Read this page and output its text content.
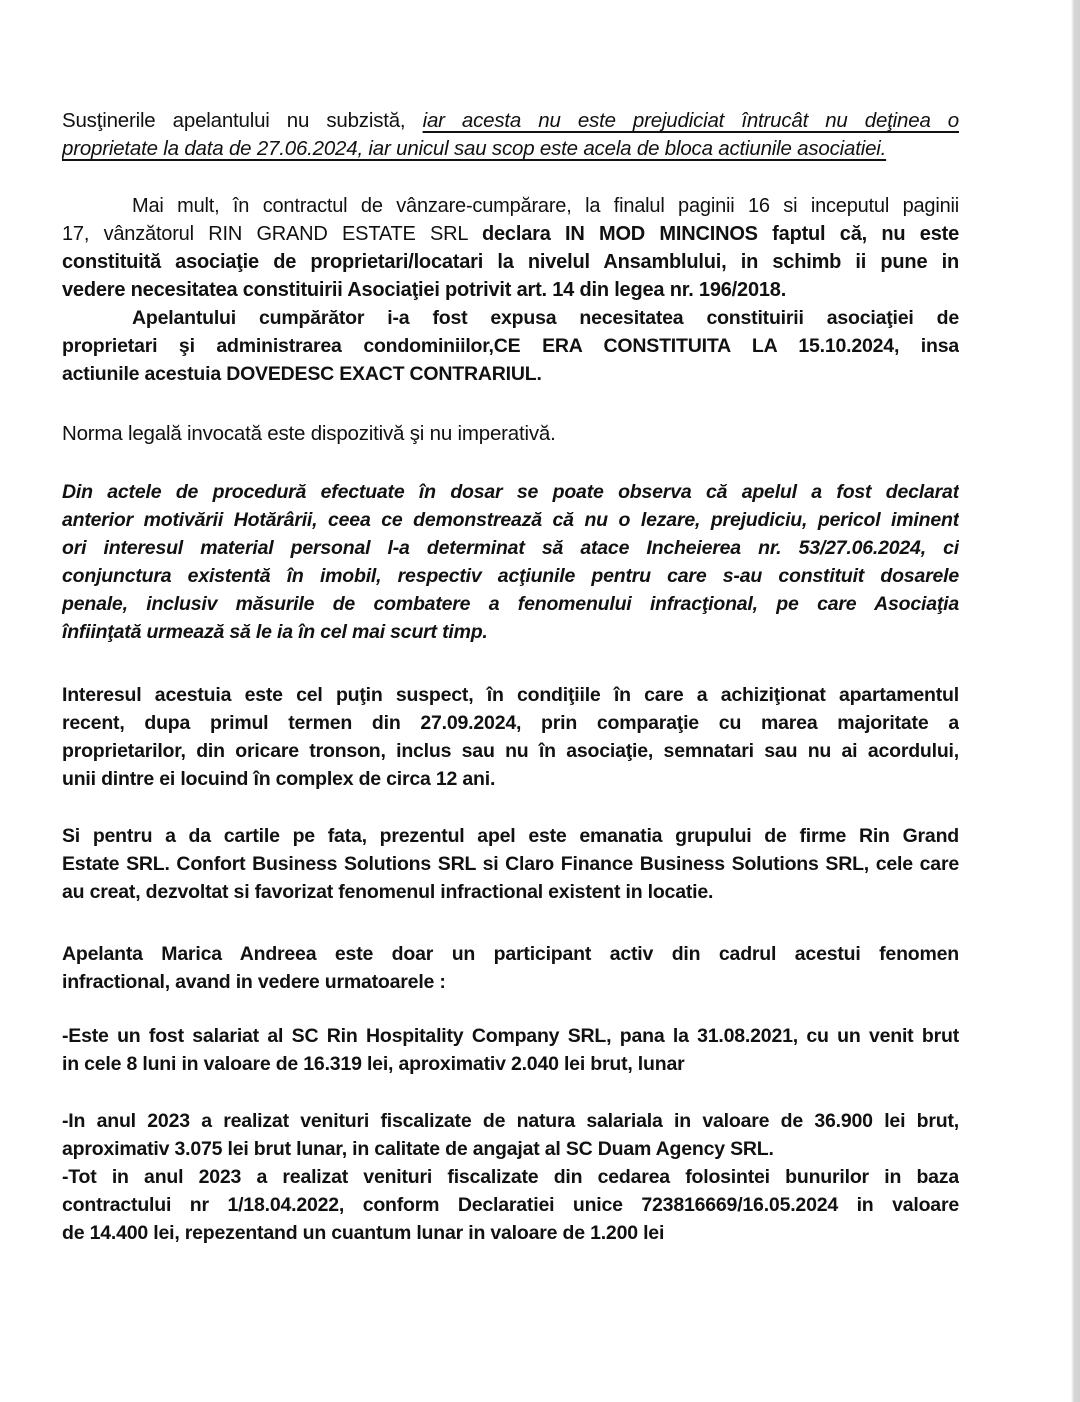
Susţinerile apelantului nu subzistă, iar acesta nu este prejudiciat întrucât nu deţinea o
proprietate la data de 27.06.2024, iar unicul sau scop este acela de bloca actiunile asociatiei.
Mai mult, în contractul de vânzare-cumpărare, la finalul paginii 16 si inceputul paginii
17, vânzătorul RIN GRAND ESTATE SRL declara IN MOD MINCINOS faptul că, nu este
constituită asociaţie de proprietari/locatari la nivelul Ansamblului, in schimb ii pune in
vedere necesitatea constituirii Asociaţiei potrivit art. 14 din legea nr. 196/2018.
Apelantului cumpărător i-a fost expusa necesitatea constituirii asociaţiei de
proprietari şi administrarea condominiilor,CE ERA CONSTITUITA LA 15.10.2024, insa
actiunile acestuia DOVEDESC EXACT CONTRARIUL.
Norma legală invocată este dispozitivă şi nu imperativă.
Din actele de procedură efectuate în dosar se poate observa că apelul a fost declarat
anterior motivării Hotărârii, ceea ce demonstrează că nu o lezare, prejudiciu, pericol iminent
ori interesul material personal l-a determinat să atace Incheierea nr. 53/27.06.2024, ci
conjunctura existentă în imobil, respectiv acţiunile pentru care s-au constituit dosarele
penale, inclusiv măsurile de combatere a fenomenului infracţional, pe care Asociaţia
înfiinţată urmează să le ia în cel mai scurt timp.
Interesul acestuia este cel puţin suspect, în condiţiile în care a achiziţionat apartamentul
recent, dupa primul termen din 27.09.2024, prin comparaţie cu marea majoritate a
proprietarilor, din oricare tronson, inclus sau nu în asociaţie, semnatari sau nu ai acordului,
unii dintre ei locuind în complex de circa 12 ani.
Si pentru a da cartile pe fata, prezentul apel este emanatia grupului de firme Rin Grand
Estate SRL. Confort Business Solutions SRL si Claro Finance Business Solutions SRL, cele care
au creat, dezvoltat si favorizat fenomenul infractional existent in locatie.
Apelanta Marica Andreea este doar un participant activ din cadrul acestui fenomen
infractional, avand in vedere urmatoarele :
-Este un fost salariat al SC Rin Hospitality Company SRL, pana la 31.08.2021, cu un venit brut
in cele 8 luni in valoare de 16.319 lei, aproximativ 2.040 lei brut, lunar
-In anul 2023 a realizat venituri fiscalizate de natura salariala in valoare de 36.900 lei brut,
aproximativ 3.075 lei brut lunar, in calitate de angajat al SC Duam Agency SRL.
-Tot in anul 2023 a realizat venituri fiscalizate din cedarea folosintei bunurilor in baza
contractului nr 1/18.04.2022, conform Declaratiei unice 723816669/16.05.2024 in valoare
de 14.400 lei, repezentand un cuantum lunar in valoare de 1.200 lei
